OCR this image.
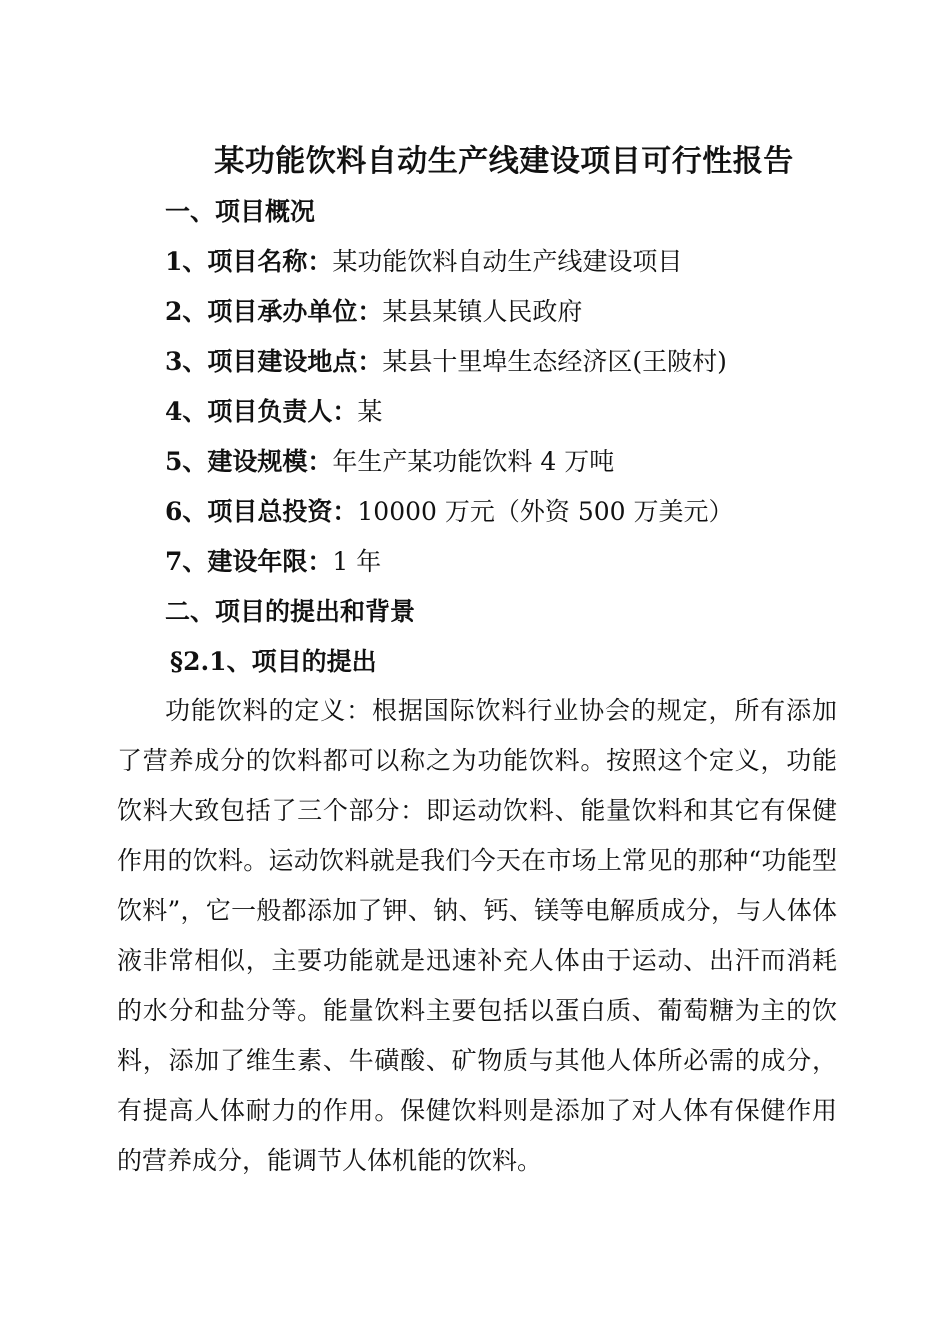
某功能饮料自动生产线建设项目可行性报告

一、项目概况

1、项目名称：某功能饮料自动生产线建设项目

2、项目承办单位：某县某镇人民政府

3、项目建设地点：某县十里埠生态经济区(王陂村)

4、项目负责人：某

5、建设规模：年生产某功能饮料 4 万吨

6、项目总投资：10000 万元（外资 500 万美元）

7、建设年限：1 年

二、项目的提出和背景

§2.1、项目的提出

功能饮料的定义：根据国际饮料行业协会的规定，所有添加了营养成分的饮料都可以称之为功能饮料。按照这个定义，功能饮料大致包括了三个部分：即运动饮料、能量饮料和其它有保健作用的饮料。运动饮料就是我们今天在市场上常见的那种“功能型饮料”，它一般都添加了钾、钠、钙、镁等电解质成分，与人体体液非常相似，主要功能就是迅速补充人体由于运动、出汗而消耗的水分和盐分等。能量饮料主要包括以蛋白质、葡萄糖为主的饮料，添加了维生素、牛磺酸、矿物质与其他人体所必需的成分，有提高人体耐力的作用。保健饮料则是添加了对人体有保健作用的营养成分，能调节人体机能的饮料。
